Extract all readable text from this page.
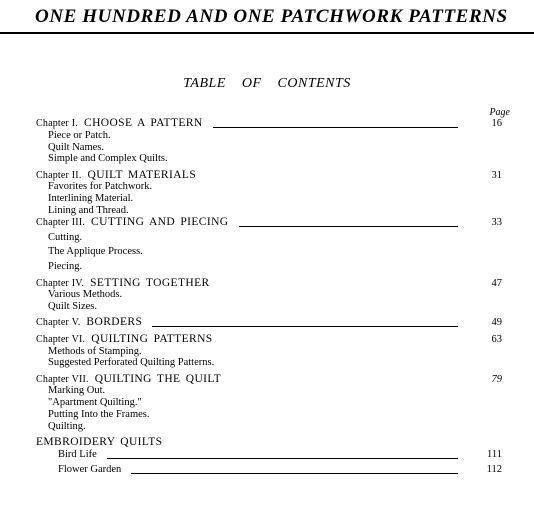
ONE HUNDRED AND ONE PATCHWORK PATTERNS
TABLE OF CONTENTS
Page
Chapter I. CHOOSE A PATTERN	16
Piece or Patch.
Quilt Names.
Simple and Complex Quilts.
Chapter II. QUILT MATERIALS	31
Favorites for Patchwork.
Interlining Material.
Lining and Thread.
Chapter III. CUTTING AND PIECING	33
Cutting.
The Applique Process.
Piecing.
Chapter IV. SETTING TOGETHER	47
Various Methods.
Quilt Sizes.
Chapter V. BORDERS	49
Chapter VI. QUILTING PATTERNS	63
Methods of Stamping.
Suggested Perforated Quilting Patterns.
Chapter VII. QUILTING THE QUILT	79
Marking Out.
"Apartment Quilting."
Putting Into the Frames.
Quilting.
EMBROIDERY QUILTS
Bird Life	111
Flower Garden	112
